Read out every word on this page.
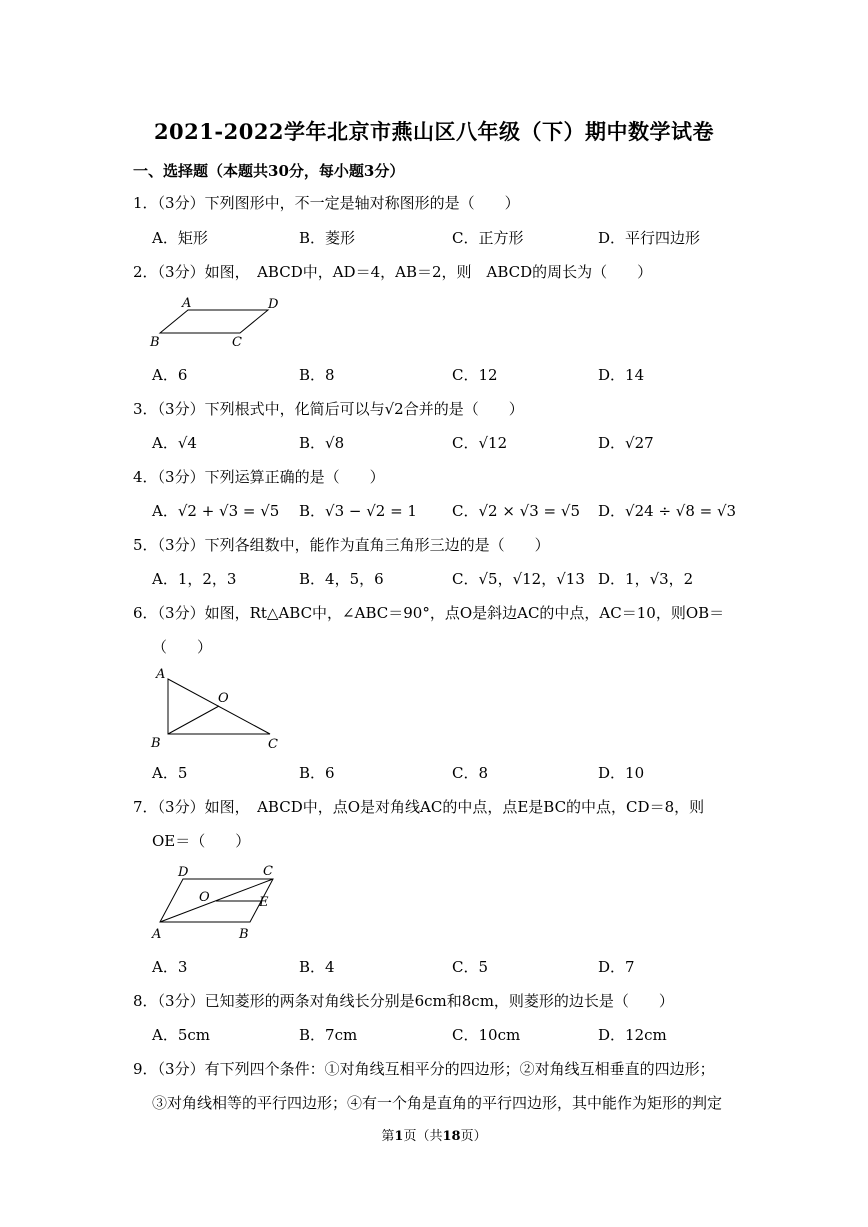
2021-2022学年北京市燕山区八年级（下）期中数学试卷
一、选择题（本题共30分，每小题3分）
1．（3分）下列图形中，不一定是轴对称图形的是（　　）
A．矩形	B．菱形	C．正方形	D．平行四边形
2．（3分）如图，　ABCD中，AD＝4，AB＝2，则　ABCD的周长为（　　）
A	D
B	C
A．6	B．8	C．12	D．14
3．（3分）下列根式中，化简后可以与√2合并的是（　　）
A．√4	B．√8	C．√12	D．√27
4．（3分）下列运算正确的是（　　）
A．√2 + √3 = √5 B．√3 − √2 = 1 C．√2 × √3 = √5 D．√24 ÷ √8 = √3
5．（3分）下列各组数中，能作为直角三角形三边的是（　　）
A．1，2，3	B．4，5，6	C．√5，√12，√13 D．1，√3，2
6．（3分）如图，Rt△ABC中，∠ABC＝90°，点O是斜边AC的中点，AC＝10，则OB＝
（　　）
A
O
B	C
A．5	B．6	C．8	D．10
7．（3分）如图，　ABCD中，点O是对角线AC的中点，点E是BC的中点，CD＝8，则
OE＝（　　）
D	C
O	E
A	B
A．3	B．4	C．5	D．7
8．（3分）已知菱形的两条对角线长分别是6cm和8cm，则菱形的边长是（　　）
A．5cm	B．7cm	C．10cm	D．12cm
9．（3分）有下列四个条件：①对角线互相平分的四边形；②对角线互相垂直的四边形；
③对角线相等的平行四边形；④有一个角是直角的平行四边形，其中能作为矩形的判定
第1页（共18页）
